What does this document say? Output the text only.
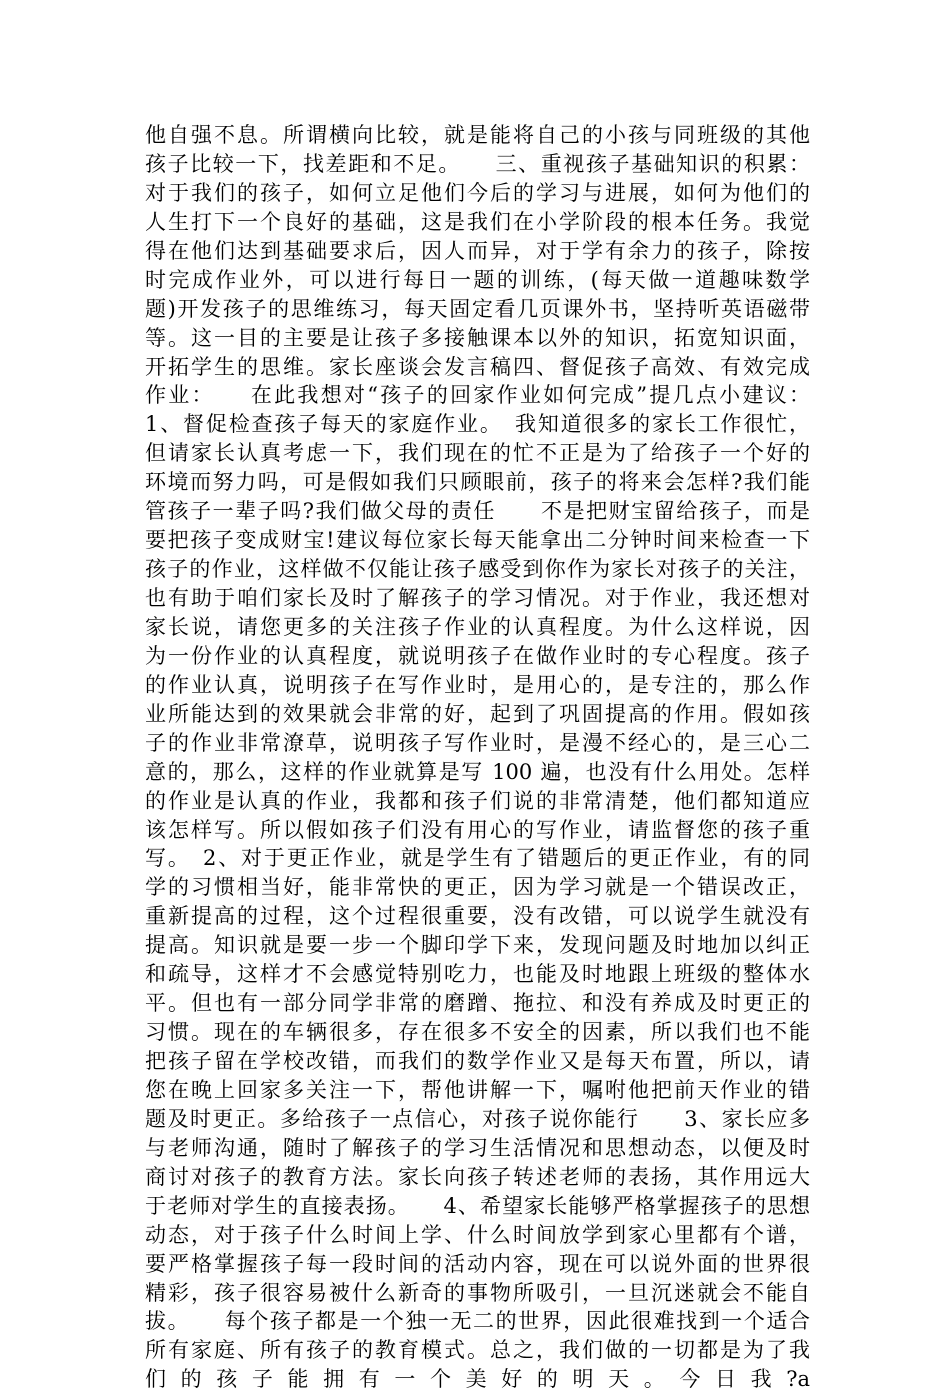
他自强不息。所谓横向比较，就是能将自己的小孩与同班级的其他
孩子比较一下，找差距和不足。　　三、重视孩子基础知识的积累：
对于我们的孩子，如何立足他们今后的学习与进展，如何为他们的
人生打下一个良好的基础，这是我们在小学阶段的根本任务。我觉
得在他们达到基础要求后，因人而异，对于学有余力的孩子，除按
时完成作业外，可以进行每日一题的训练，(每天做一道趣味数学
题)开发孩子的思维练习，每天固定看几页课外书，坚持听英语磁带
等。这一目的主要是让孩子多接触课本以外的知识，拓宽知识面，
开拓学生的思维。家长座谈会发言稿四、督促孩子高效、有效完成
作业：　　在此我想对“孩子的回家作业如何完成”提几点小建议：
1、督促检查孩子每天的家庭作业。　我知道很多的家长工作很忙，
但请家长认真考虑一下，我们现在的忙不正是为了给孩子一个好的
环境而努力吗，可是假如我们只顾眼前，孩子的将来会怎样?我们能
管孩子一辈子吗?我们做父母的责任　　不是把财宝留给孩子，而是
要把孩子变成财宝!建议每位家长每天能拿出二分钟时间来检查一下
孩子的作业，这样做不仅能让孩子感受到你作为家长对孩子的关注，
也有助于咱们家长及时了解孩子的学习情况。对于作业，我还想对
家长说，请您更多的关注孩子作业的认真程度。为什么这样说，因
为一份作业的认真程度，就说明孩子在做作业时的专心程度。孩子
的作业认真，说明孩子在写作业时，是用心的，是专注的，那么作
业所能达到的效果就会非常的好，起到了巩固提高的作用。假如孩
子的作业非常潦草，说明孩子写作业时，是漫不经心的，是三心二
意的，那么，这样的作业就算是写 100 遍，也没有什么用处。怎样
的作业是认真的作业，我都和孩子们说的非常清楚，他们都知道应
该怎样写。所以假如孩子们没有用心的写作业，请监督您的孩子重
写。　2、对于更正作业，就是学生有了错题后的更正作业，有的同
学的习惯相当好，能非常快的更正，因为学习就是一个错误改正，
重新提高的过程，这个过程很重要，没有改错，可以说学生就没有
提高。知识就是要一步一个脚印学下来，发现问题及时地加以纠正
和疏导，这样才不会感觉特别吃力，也能及时地跟上班级的整体水
平。但也有一部分同学非常的磨蹭、拖拉、和没有养成及时更正的
习惯。现在的车辆很多，存在很多不安全的因素，所以我们也不能
把孩子留在学校改错，而我们的数学作业又是每天布置，所以，请
您在晚上回家多关注一下，帮他讲解一下，嘱咐他把前天作业的错
题及时更正。多给孩子一点信心，对孩子说你能行　　3、家长应多
与老师沟通，随时了解孩子的学习生活情况和思想动态，以便及时
商讨对孩子的教育方法。家长向孩子转述老师的表扬，其作用远大
于老师对学生的直接表扬。　　4、希望家长能够严格掌握孩子的思想
动态，对于孩子什么时间上学、什么时间放学到家心里都有个谱，
要严格掌握孩子每一段时间的活动内容，现在可以说外面的世界很
精彩，孩子很容易被什么新奇的事物所吸引，一旦沉迷就会不能自
拔。　　每个孩子都是一个独一无二的世界，因此很难找到一个适合
所有家庭、所有孩子的教育模式。总之，我们做的一切都是为了我
们 的 孩 子 能 拥 有 一 个 美 好 的 明 天 。 今 日 我 ?a
